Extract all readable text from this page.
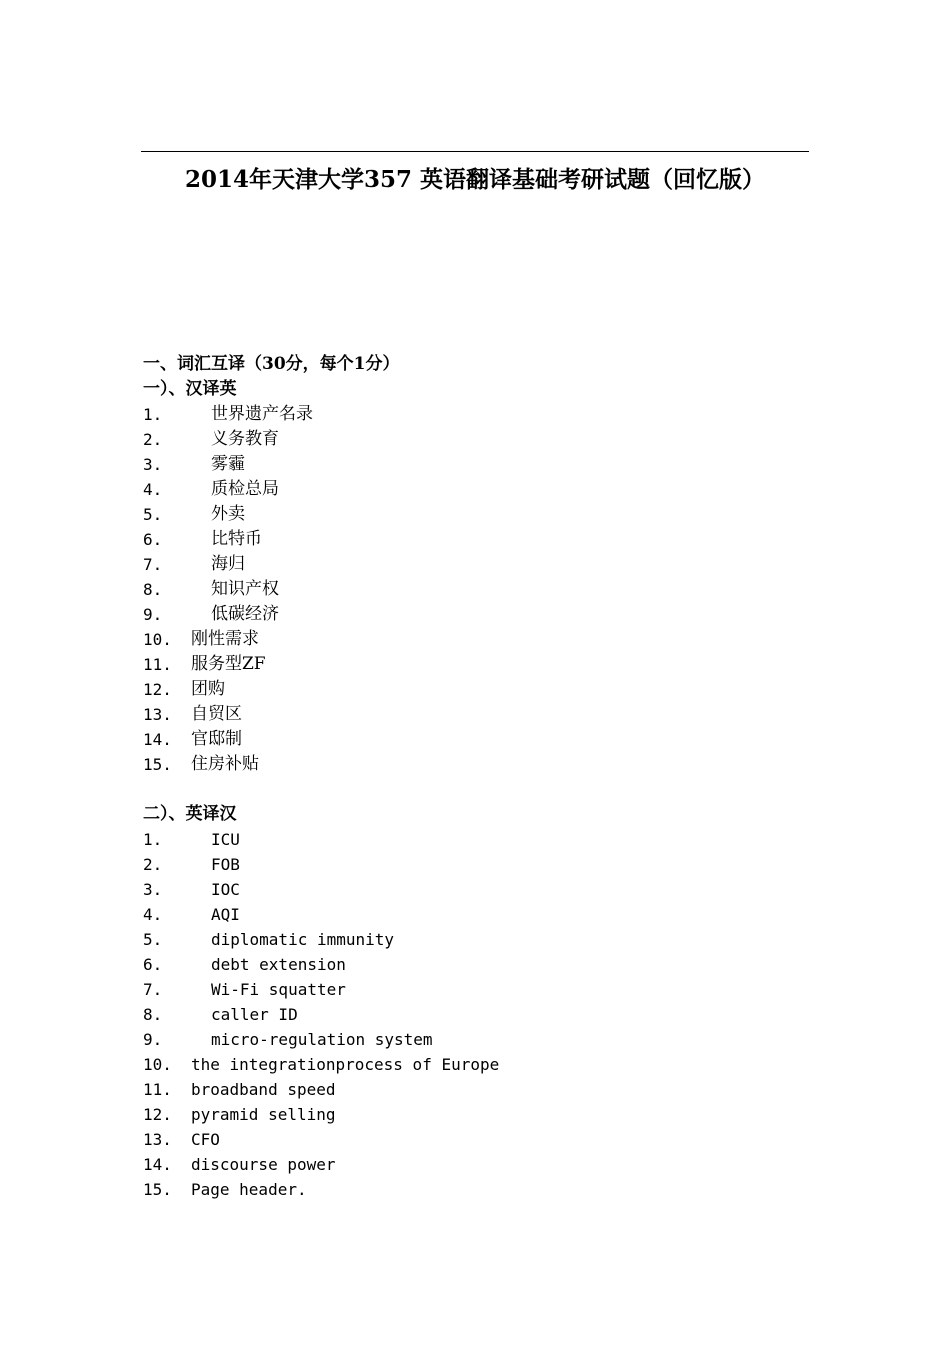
2014年天津大学357 英语翻译基础考研试题（回忆版）
一、词汇互译（30分，每个1分）
一）、汉译英
1.	世界遗产名录
2.	义务教育
3.	雾霾
4.	质检总局
5.	外卖
6.	比特币
7.	海归
8.	知识产权
9.	低碳经济
10.	刚性需求
11.	服务型ZF
12.	团购
13.	自贸区
14.	官邸制
15.	住房补贴
二）、英译汉
1.	ICU
2.	FOB
3.	IOC
4.	AQI
5.	diplomatic immunity
6.	debt extension
7.	Wi-Fi squatter
8.	caller ID
9.	micro-regulation system
10.	the integrationprocess of Europe
11.	broadband speed
12.	pyramid selling
13.	CFO
14.	discourse power
15.	Page header.
